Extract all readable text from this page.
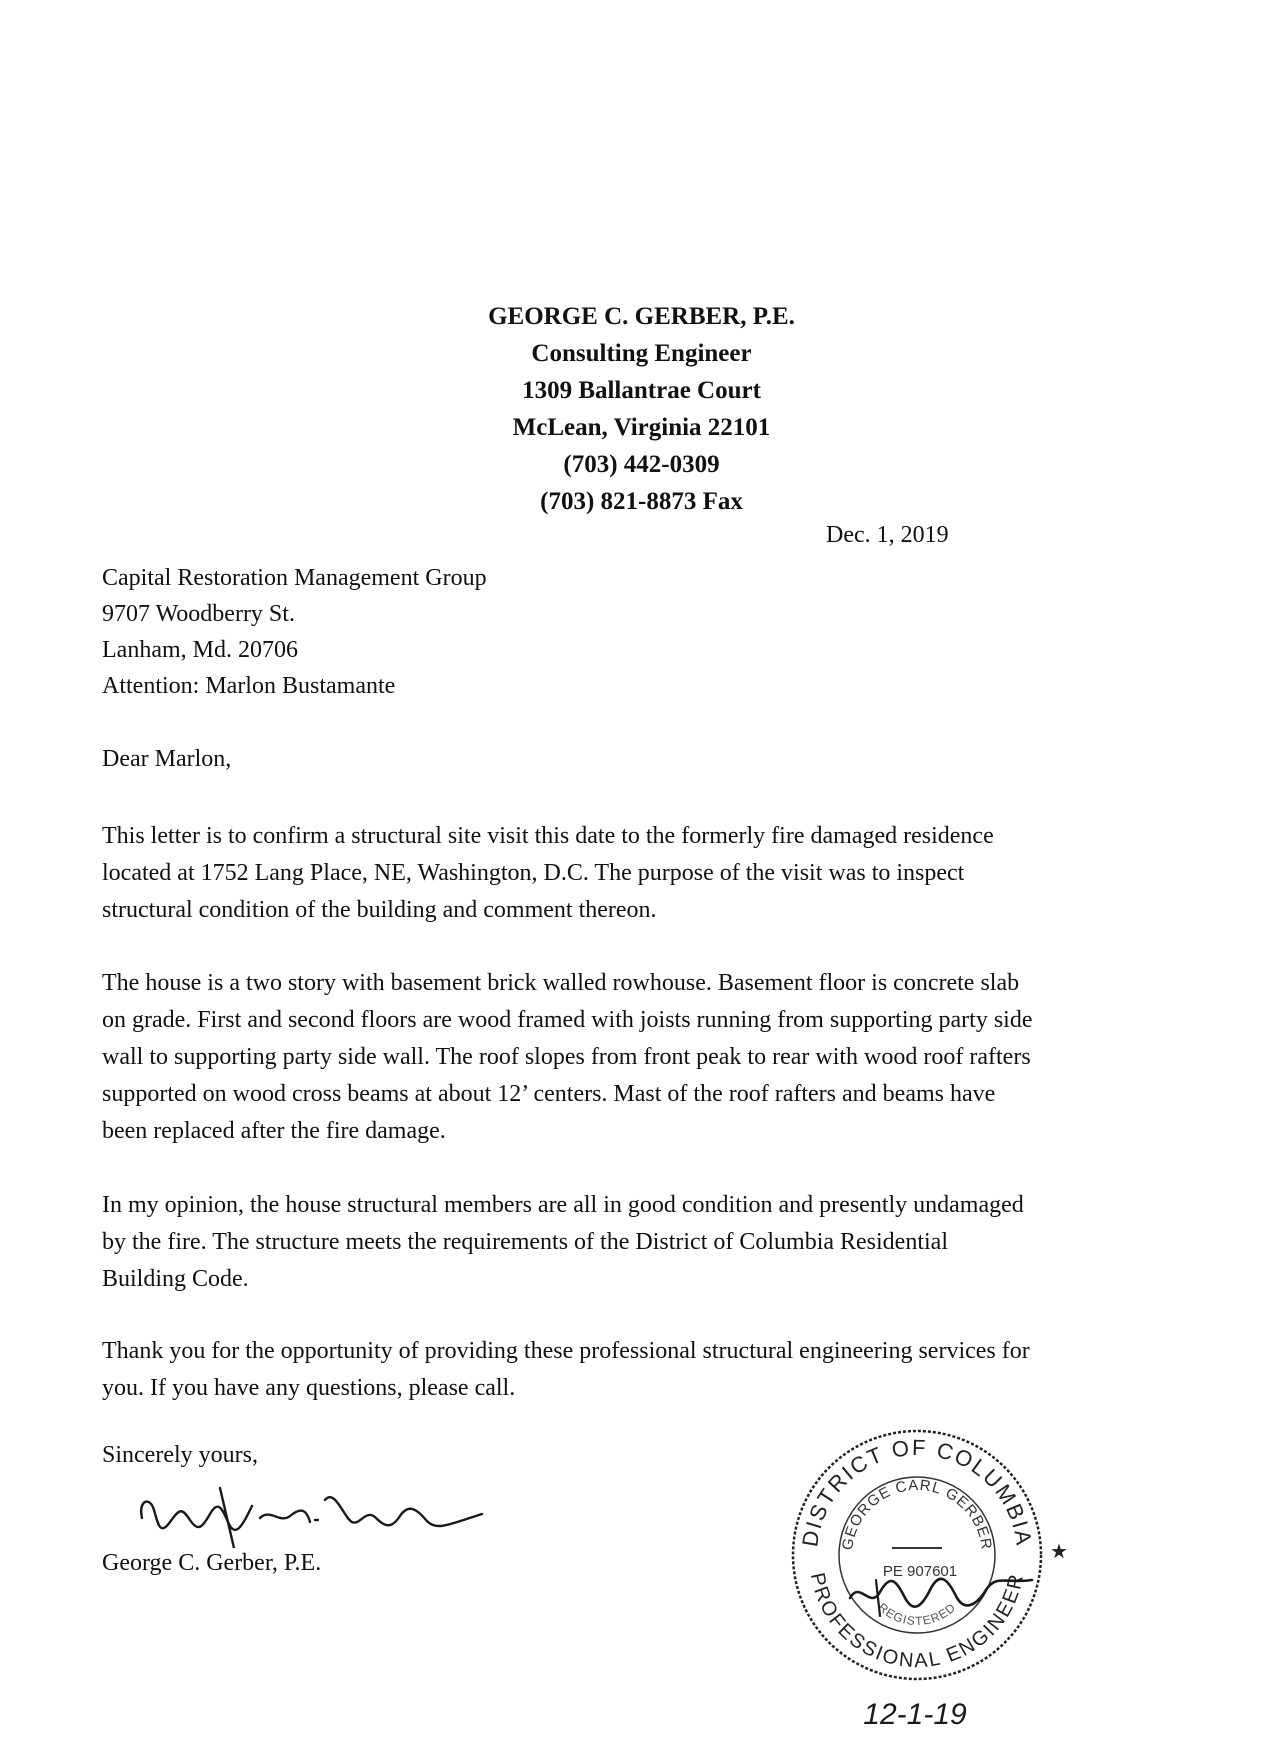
GEORGE C. GERBER, P.E.
Consulting Engineer
1309 Ballantrae Court
McLean, Virginia 22101
(703) 442-0309
(703) 821-8873 Fax
Dec. 1, 2019
Capital Restoration Management Group
9707 Woodberry St.
Lanham, Md. 20706
Attention: Marlon Bustamante
Dear Marlon,
This letter is to confirm a structural site visit this date to the formerly fire damaged residence
located at 1752 Lang Place, NE, Washington, D.C. The purpose of the visit was to inspect
structural condition of the building and comment thereon.
The house is a two story with basement brick walled rowhouse. Basement floor is concrete slab
on grade. First and second floors are wood framed with joists running from supporting party side
wall to supporting party side wall. The roof slopes from front peak to rear with wood roof rafters
supported on wood cross beams at about 12’ centers. Mast of the roof rafters and beams have
been replaced after the fire damage.
In my opinion, the house structural members are all in good condition and presently undamaged
by the fire. The structure meets the requirements of the District of Columbia Residential
Building Code.
Thank you for the opportunity of providing these professional structural engineering services for
you. If you have any questions, please call.
Sincerely yours,
George C. Gerber, P.E.
DISTRICT OF COLUMBIA
GEORGE CARL GERBER
PE 907601
REGISTERED
PROFESSIONAL ENGINEER
★
12-1-19
